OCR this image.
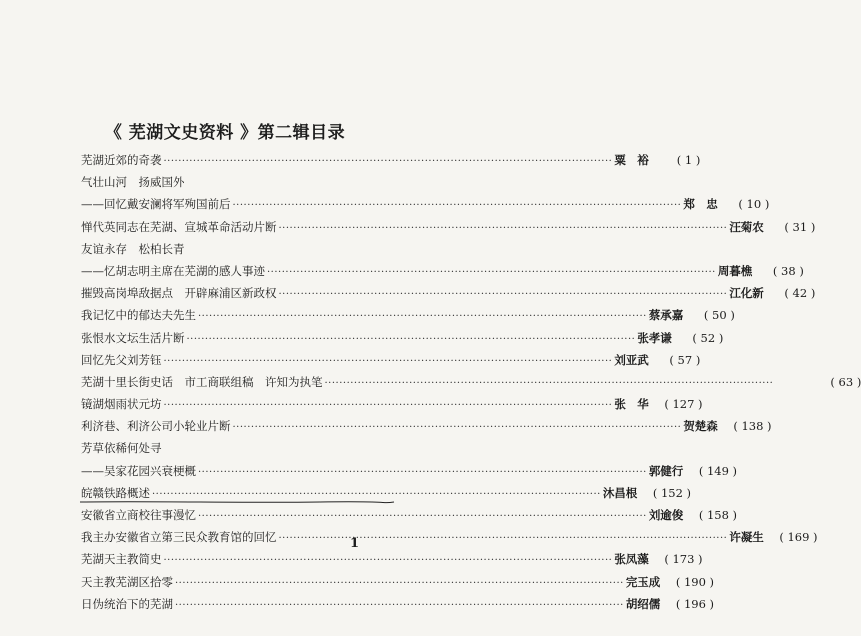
《 芜湖文史资料 》第二辑目录
芜湖近郊的奇袭 ·····	粟　裕	( 1 )
气壮山河　扬威国外
——回忆戴安澜将军殉国前后 ·····	郑　忠	( 10 )
惮代英同志在芜湖、宣城革命活动片断 ·····	汪菊农	( 31 )
友谊永存　松柏长青
——忆胡志明主席在芜湖的感人事迹 ·····	周暮樵	( 38 )
摧毁高岗埠敌据点　开辟麻浦区新政权 ·····	江化新	( 42 )
我记忆中的郁达夫先生 ·····	蔡承嘉	( 50 )
张恨水文坛生活片断 ·····	张孝谦	( 52 )
回忆先父刘芳钰 ·····	刘亚武	( 57 )
芜湖十里长街史话　市工商联组稿　许知为执笔 ·····	( 63 )
镜湖烟雨状元坊 ·····	张　华	( 127 )
利济巷、利济公司小轮业片断 ·····	贺楚森	( 138 )
芳草依稀何处寻
——吴家花园兴衰梗概 ·····	郭健行	( 149 )
皖赣铁路概述 ·····	沐昌根	( 152 )
安徽省立商校往事漫忆 ·····	刘逾俊	( 158 )
我主办安徽省立第三民众教育馆的回忆 ·····	许凝生	( 169 )
芜湖天主教简史 ·····	张凤藻	( 173 )
天主教芜湖区拾零 ·····	完玉成	( 190 )
日伪统治下的芜湖 ·····	胡绍儒	( 196 )
1
